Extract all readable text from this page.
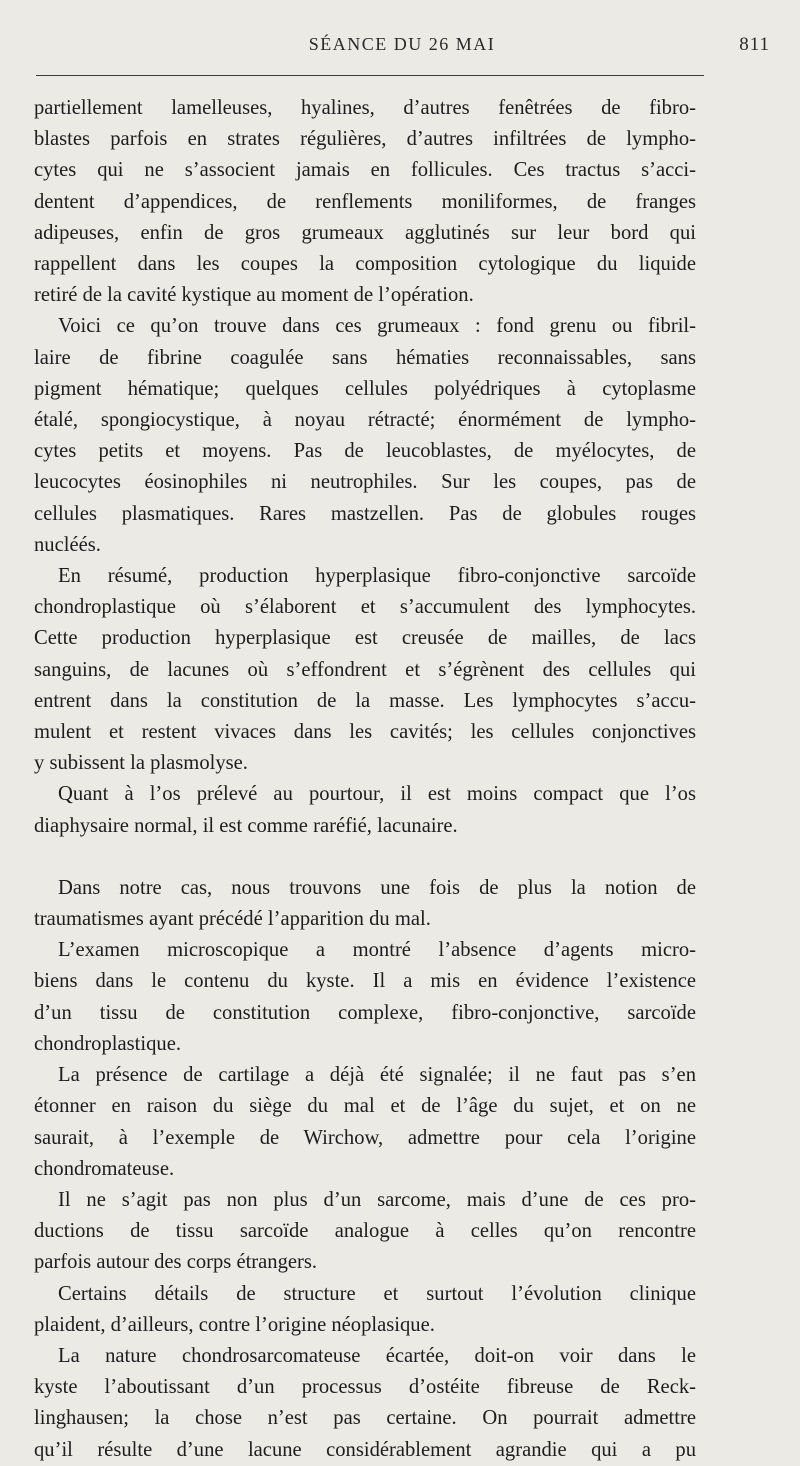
SÉANCE DU 26 MAI	811

partiellement lamelleuses, hyalines, d’autres fenêtrées de fibro-
blastes parfois en strates régulières, d’autres infiltrées de lympho-
cytes qui ne s’associent jamais en follicules. Ces tractus s’acci-
dentent d’appendices, de renflements moniliformes, de franges
adipeuses, enfin de gros grumeaux agglutinés sur leur bord qui
rappellent dans les coupes la composition cytologique du liquide
retiré de la cavité kystique au moment de l’opération.

Voici ce qu’on trouve dans ces grumeaux : fond grenu ou fibril-
laire de fibrine coagulée sans hématies reconnaissables, sans
pigment hématique; quelques cellules polyédriques à cytoplasme
étalé, spongiocystique, à noyau rétracté; énormément de lympho-
cytes petits et moyens. Pas de leucoblastes, de myélocytes, de
leucocytes éosinophiles ni neutrophiles. Sur les coupes, pas de
cellules plasmatiques. Rares mastzellen. Pas de globules rouges
nucléés.

En résumé, production hyperplasique fibro-conjonctive sarcoïde
chondroplastique où s’élaborent et s’accumulent des lymphocytes.
Cette production hyperplasique est creusée de mailles, de lacs
sanguins, de lacunes où s’effondrent et s’égrènent des cellules qui
entrent dans la constitution de la masse. Les lymphocytes s’accu-
mulent et restent vivaces dans les cavités; les cellules conjonctives
y subissent la plasmolyse.

Quant à l’os prélevé au pourtour, il est moins compact que l’os
diaphysaire normal, il est comme raréfié, lacunaire.

Dans notre cas, nous trouvons une fois de plus la notion de
traumatismes ayant précédé l’apparition du mal.

L’examen microscopique a montré l’absence d’agents micro-
biens dans le contenu du kyste. Il a mis en évidence l’existence
d’un tissu de constitution complexe, fibro-conjonctive, sarcoïde
chondroplastique.

La présence de cartilage a déjà été signalée; il ne faut pas s’en
étonner en raison du siège du mal et de l’âge du sujet, et on ne
saurait, à l’exemple de Wirchow, admettre pour cela l’origine
chondromateuse.

Il ne s’agit pas non plus d’un sarcome, mais d’une de ces pro-
ductions de tissu sarcoïde analogue à celles qu’on rencontre
parfois autour des corps étrangers.

Certains détails de structure et surtout l’évolution clinique
plaident, d’ailleurs, contre l’origine néoplasique.

La nature chondrosarcomateuse écartée, doit-on voir dans le
kyste l’aboutissant d’un processus d’ostéite fibreuse de Reck-
linghausen; la chose n’est pas certaine. On pourrait admettre
qu’il résulte d’une lacune considérablement agrandie qui a pu
